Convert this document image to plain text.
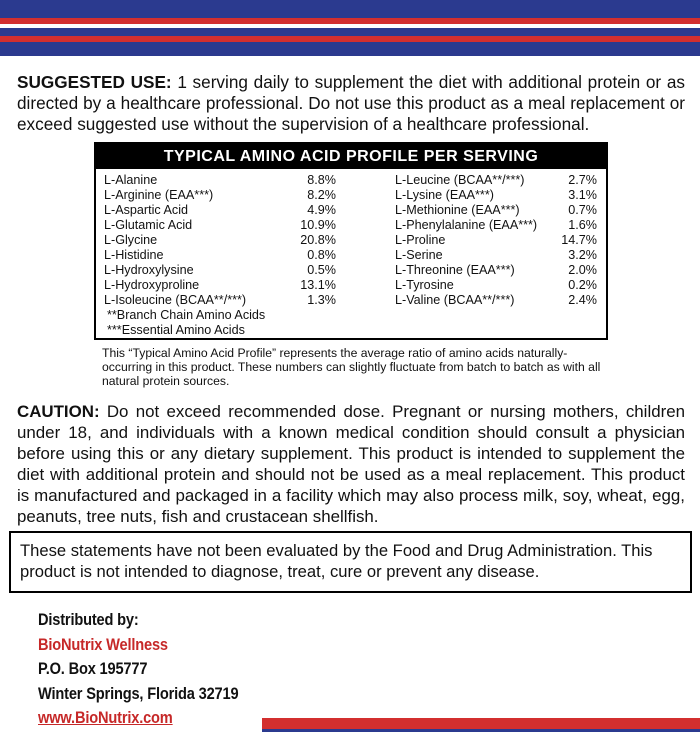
SUGGESTED USE: 1 serving daily to supplement the diet with additional protein or as directed by a healthcare professional. Do not use this product as a meal replacement or exceed suggested use without the supervision of a healthcare professional.
TYPICAL AMINO ACID PROFILE PER SERVING
L-Alanine	8.8%
L-Arginine (EAA***)	8.2%
L-Aspartic Acid	4.9%
L-Glutamic Acid	10.9%
L-Glycine	20.8%
L-Histidine	0.8%
L-Hydroxylysine	0.5%
L-Hydroxyproline	13.1%
L-Isoleucine (BCAA**/***)	1.3%
**Branch Chain Amino Acids
***Essential Amino Acids
L-Leucine (BCAA**/***)	2.7%
L-Lysine (EAA***)	3.1%
L-Methionine (EAA***)	0.7%
L-Phenylalanine (EAA***) 1.6%
L-Proline	14.7%
L-Serine	3.2%
L-Threonine (EAA***)	2.0%
L-Tyrosine	0.2%
L-Valine (BCAA**/***)	2.4%
This “Typical Amino Acid Profile” represents the average ratio of amino acids naturally-occurring in this product. These numbers can slightly fluctuate from batch to batch as with all natural protein sources.
CAUTION: Do not exceed recommended dose. Pregnant or nursing mothers, children under 18, and individuals with a known medical condition should consult a physician before using this or any dietary supplement. This product is intended to supplement the diet with additional protein and should not be used as a meal replacement. This product is manufactured and packaged in a facility which may also process milk, soy, wheat, egg, peanuts, tree nuts, fish and crustacean shellfish.
These statements have not been evaluated by the Food and Drug Administration. This product is not intended to diagnose, treat, cure or prevent any disease.
Distributed by:
BioNutrix Wellness
P.O. Box 195777
Winter Springs, Florida 32719
www.BioNutrix.com
